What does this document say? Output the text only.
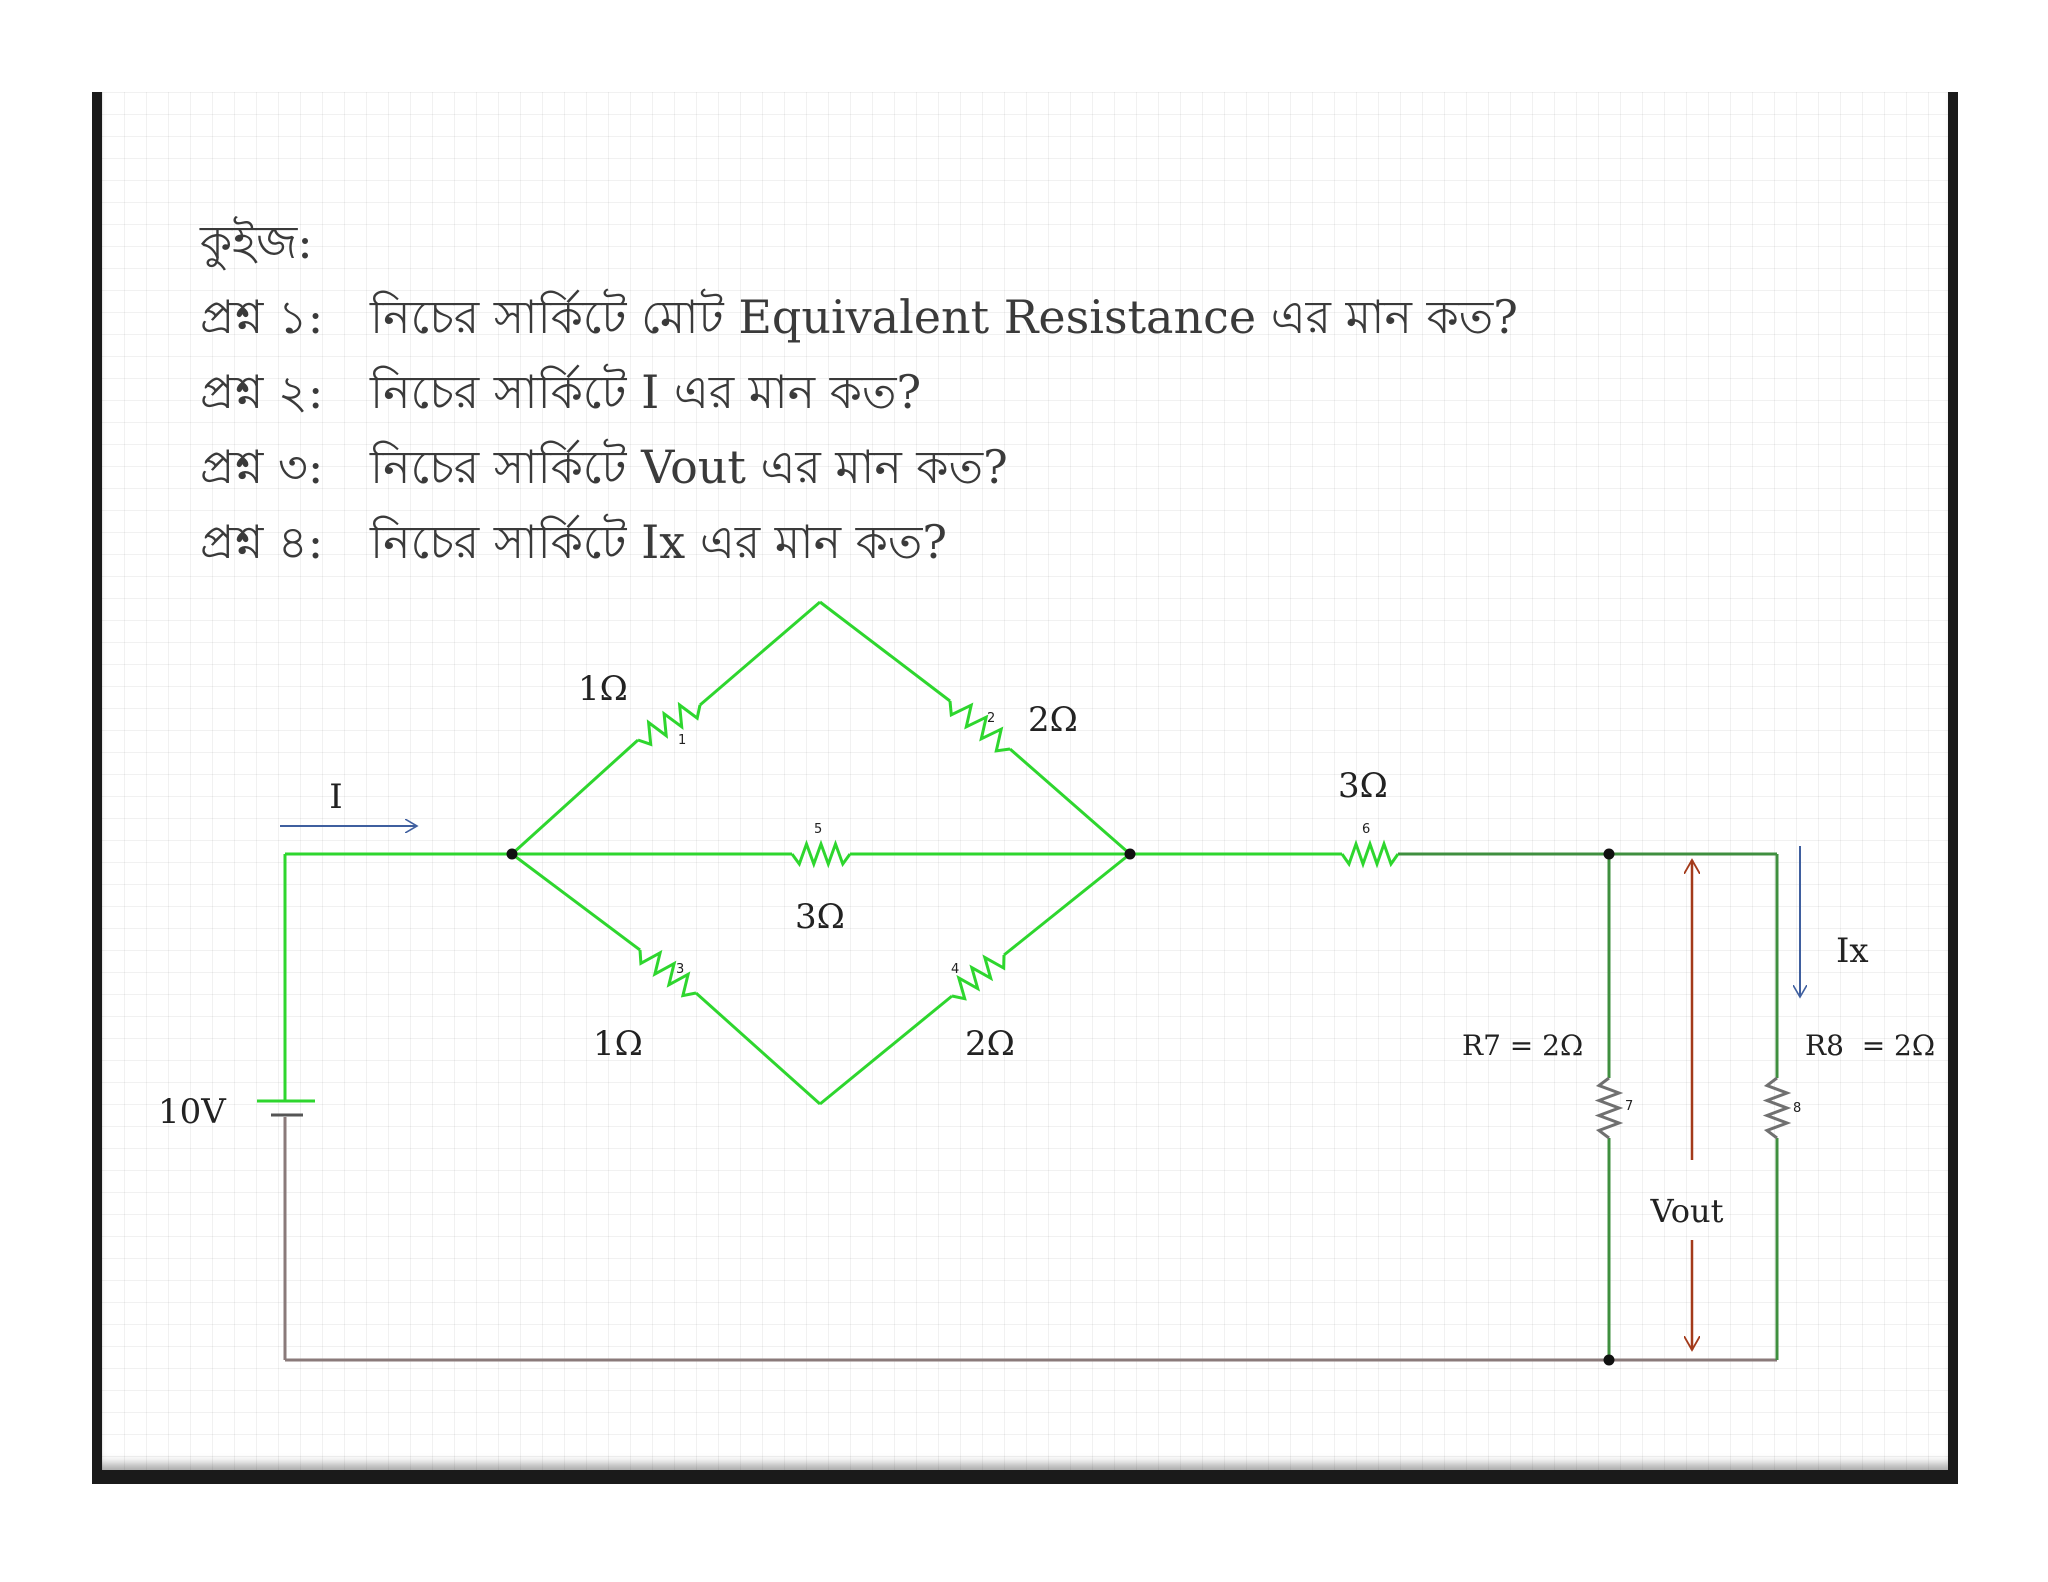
কুইজ:
প্রশ্ন ১: নিচের সার্কিটে মোট Equivalent Resistance এর মান কত?
প্রশ্ন ২: নিচের সার্কিটে I এর মান কত?
প্রশ্ন ৩: নিচের সার্কিটে Vout এর মান কত?
প্রশ্ন ৪: নিচের সার্কিটে Ix এর মান কত?
I
Ix
Vout
10V
1Ω
2Ω
1Ω	2Ω
3Ω
3Ω
R7 = 2Ω	R8  = 2Ω
1
2
3	4
5	6
7	8
